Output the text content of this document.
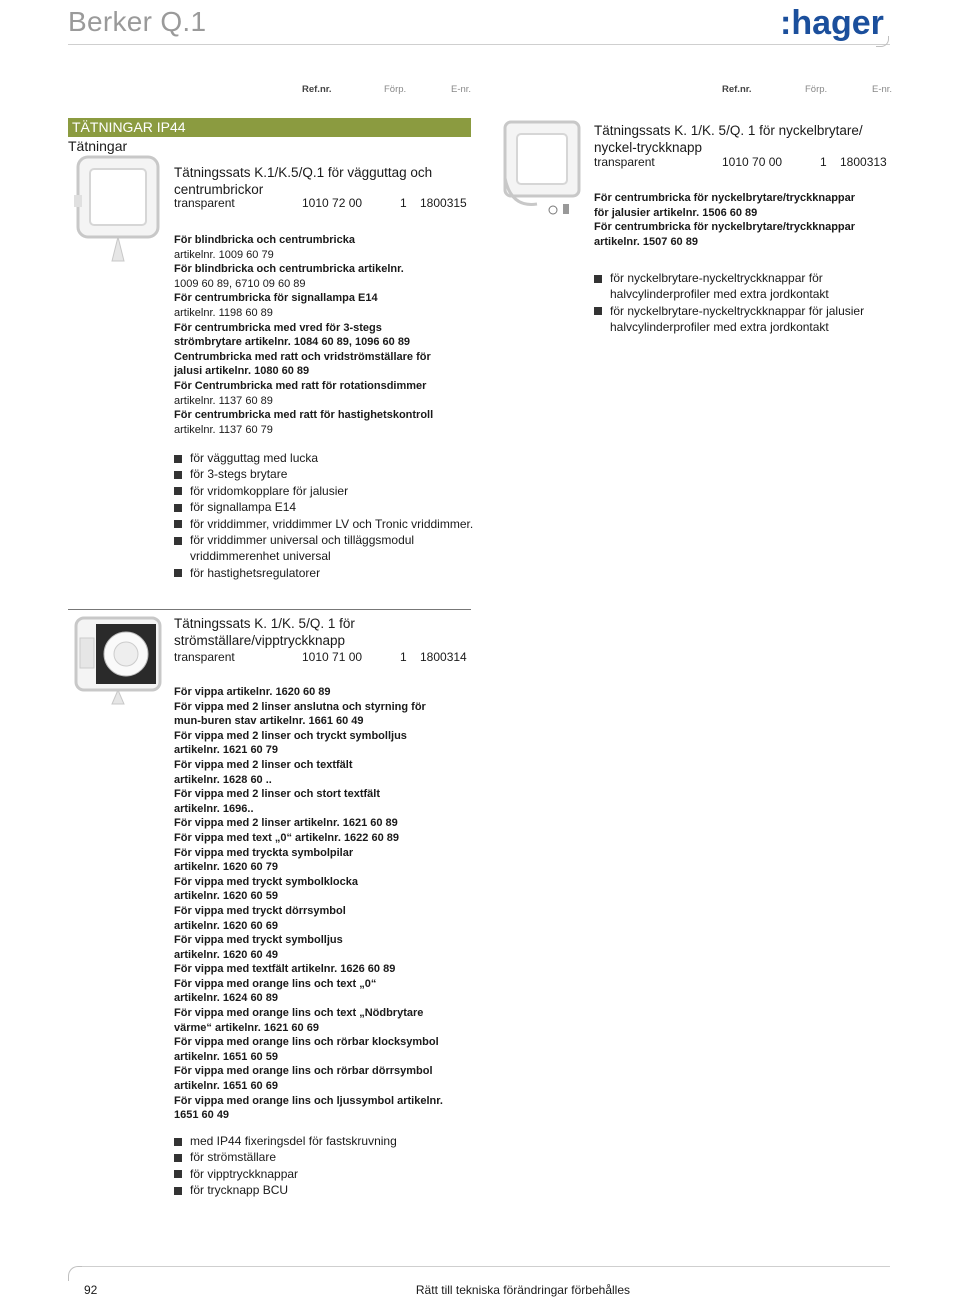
Berker Q.1	:hager
Ref.nr.	Förp.	E-nr.	Ref.nr.	Förp.	E-nr.
TÄTNINGAR IP44
Tätningar
Tätningssats K.1/K.5/Q.1 för vägguttag och centrumbrickor
transparent	1010 72 00	1 1800315
För blindbricka och centrumbricka
artikelnr. 1009 60 79
För blindbricka och centrumbricka artikelnr.
1009 60 89, 6710 09 60 89
För centrumbricka för signallampa E14
artikelnr. 1198 60 89
För centrumbricka med vred för 3-stegs
strömbrytare artikelnr. 1084 60 89, 1096 60 89
Centrumbricka med ratt och vridströmställare för
jalusi artikelnr. 1080 60 89
För Centrumbricka med ratt för rotationsdimmer
artikelnr. 1137 60 89
För centrumbricka med ratt för hastighetskontroll
artikelnr. 1137 60 79
för vägguttag med lucka
för 3-stegs brytare
för vridomkopplare för jalusier
för signallampa E14
för vriddimmer, vriddimmer LV och Tronic vriddimmer.
för vriddimmer universal och tilläggsmodul vriddimmerenhet universal
för hastighetsregulatorer
Tätningssats K. 1/K. 5/Q. 1 för strömställare/vipptryckknapp
transparent	1010 71 00	1 1800314
För vippa artikelnr. 1620 60 89
För vippa med 2 linser anslutna och styrning för
mun-buren stav artikelnr. 1661 60 49
För vippa med 2 linser och tryckt symbolljus
artikelnr. 1621 60 79
För vippa med 2 linser och textfält
artikelnr. 1628 60 ..
För vippa med 2 linser och stort textfält
artikelnr. 1696..
För vippa med 2 linser artikelnr. 1621 60 89
För vippa med text „0“ artikelnr. 1622 60 89
För vippa med tryckta symbolpilar
artikelnr. 1620 60 79
För vippa med tryckt symbolklocka
artikelnr. 1620 60 59
För vippa med tryckt dörrsymbol
artikelnr. 1620 60 69
För vippa med tryckt symbolljus
artikelnr. 1620 60 49
För vippa med textfält artikelnr. 1626 60 89
För vippa med orange lins och text „0“
artikelnr. 1624 60 89
För vippa med orange lins och text „Nödbrytare
värme“ artikelnr. 1621 60 69
För vippa med orange lins och rörbar klocksymbol
artikelnr. 1651 60 59
För vippa med orange lins och rörbar dörrsymbol
artikelnr. 1651 60 69
För vippa med orange lins och ljussymbol artikelnr.
1651 60 49
med IP44 fixeringsdel för fastskruvning
för strömställare
för vipptryckknappar
för trycknapp BCU
Tätningssats K. 1/K. 5/Q. 1 för nyckelbrytare/ nyckel-tryckknapp
transparent	1010 70 00	1 1800313
För centrumbricka för nyckelbrytare/tryckknappar
för jalusier artikelnr. 1506 60 89
För centrumbricka för nyckelbrytare/tryckknappar
artikelnr. 1507 60 89
för nyckelbrytare-nyckeltryckknappar för halvcylinderprofiler med extra jordkontakt
för nyckelbrytare-nyckeltryckknappar för jalusier halvcylinderprofiler med extra jordkontakt
92	Rätt till tekniska förändringar förbehålles
